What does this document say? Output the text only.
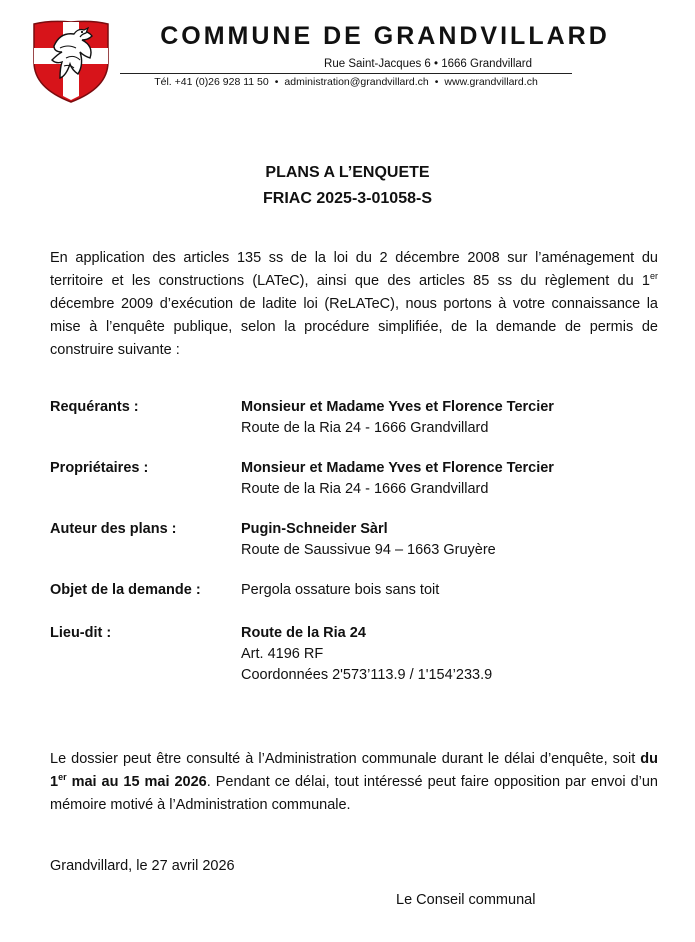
COMMUNE DE GRANDVILLARD
Rue Saint-Jacques 6 • 1666 Grandvillard
Tél. +41 (0)26 928 11 50 • administration@grandvillard.ch • www.grandvillard.ch
PLANS A L’ENQUETE
FRIAC 2025-3-01058-S
En application des articles 135 ss de la loi du 2 décembre 2008 sur l’aménagement du territoire et les constructions (LATeC), ainsi que des articles 85 ss du règlement du 1er décembre 2009 d’exécution de ladite loi (ReLATeC), nous portons à votre connaissance la mise à l’enquête publique, selon la procédure simplifiée, de la demande de permis de construire suivante :
Requérants :	Monsieur et Madame Yves et Florence Tercier
Route de la Ria 24 - 1666 Grandvillard
Propriétaires :	Monsieur et Madame Yves et Florence Tercier
Route de la Ria 24 - 1666 Grandvillard
Auteur des plans :	Pugin-Schneider Sàrl
Route de Saussivue 94 – 1663 Gruyère
Objet de la demande :	Pergola ossature bois sans toit
Lieu-dit :	Route de la Ria 24
Art. 4196 RF
Coordonnées 2'573’113.9 / 1'154’233.9
Le dossier peut être consulté à l’Administration communale durant le délai d’enquête, soit du 1er mai au 15 mai 2026. Pendant ce délai, tout intéressé peut faire opposition par envoi d’un mémoire motivé à l’Administration communale.
Grandvillard, le 27 avril 2026
Le Conseil communal
